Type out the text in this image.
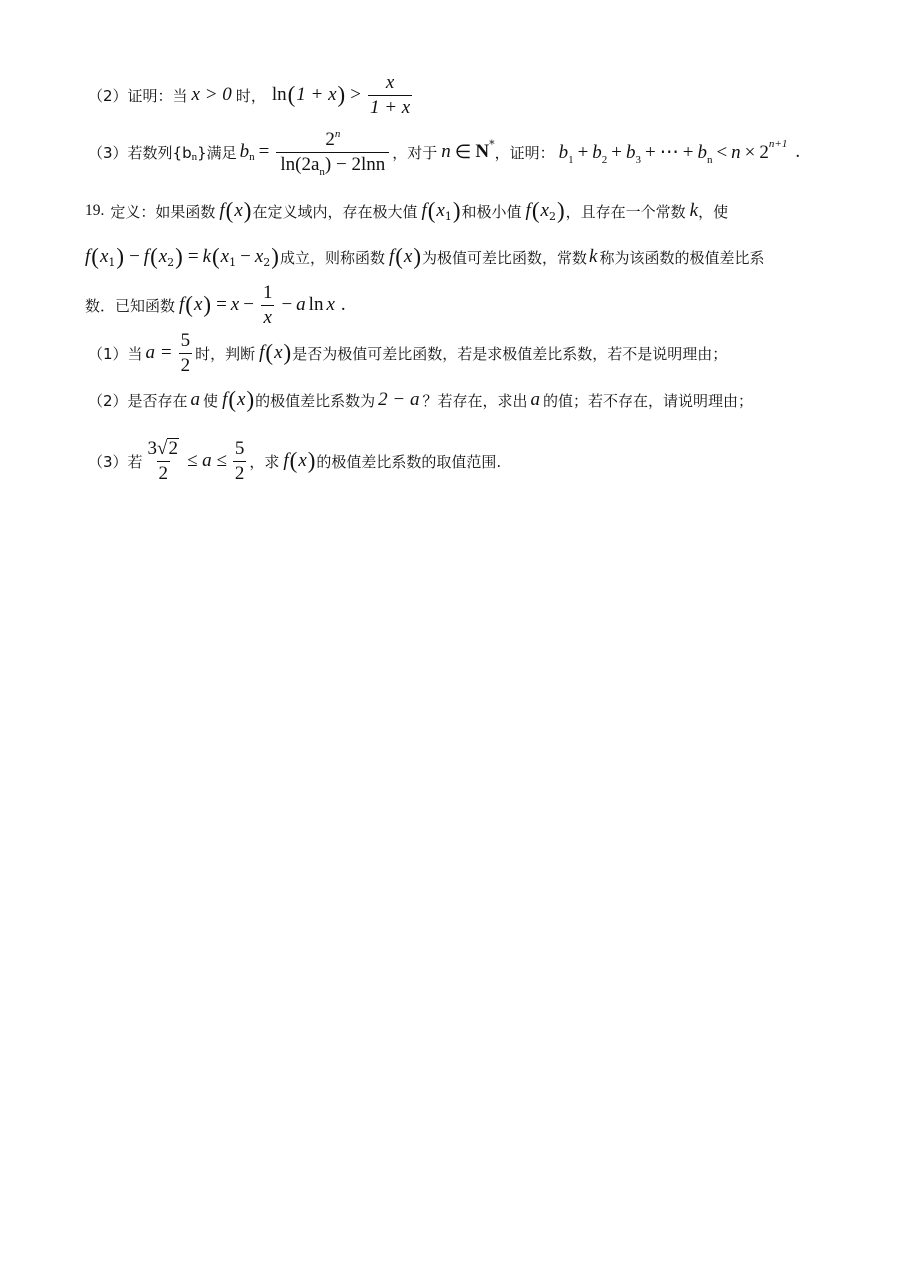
（2）证明：当 x > 0 时， ln ( 1 + x ) > $\frac{x}{1 + x}$
（3）若数列{b n }满足 b $n = \frac{2^n}{\ln(2a_n) - 2\ln n}$ ，对于 n ∈ N * ，证明： $b_1 + b_2 + b_3$ + ⋯ + $b_n < n \times 2$ n+1 .
19. 定义：如果函数 f ( x ) 在定义域内，存在极大值 f ( x 1 ) 和极小值 f ( x 2 ) ，且存在一个常数 k ，使
f ( x 1 ) − f ( x 2 ) = k ( x 1 − x 2 ) 成立，则称函数 f ( x ) 为极值可差比函数，常数 k 称为该函数的极值差比系
数．已知函数 f ( x ) = $x - \frac{1}{x} - a$ ln x .
（1）当 $a = \frac{5}{2}$ 时，判断 f ( x ) 是否为极值可差比函数，若是求极值差比系数，若不是说明理由；
（2）是否存在 a 使 f ( x ) 的极值差比系数为 2 − a ？若存在，求出 a 的值；若不存在，请说明理由；
（3）若 $\frac{3 √ 2}{2} \le a \le \frac{5}{2}$ ，求 f ( x ) 的极值差比系数的取值范围.
